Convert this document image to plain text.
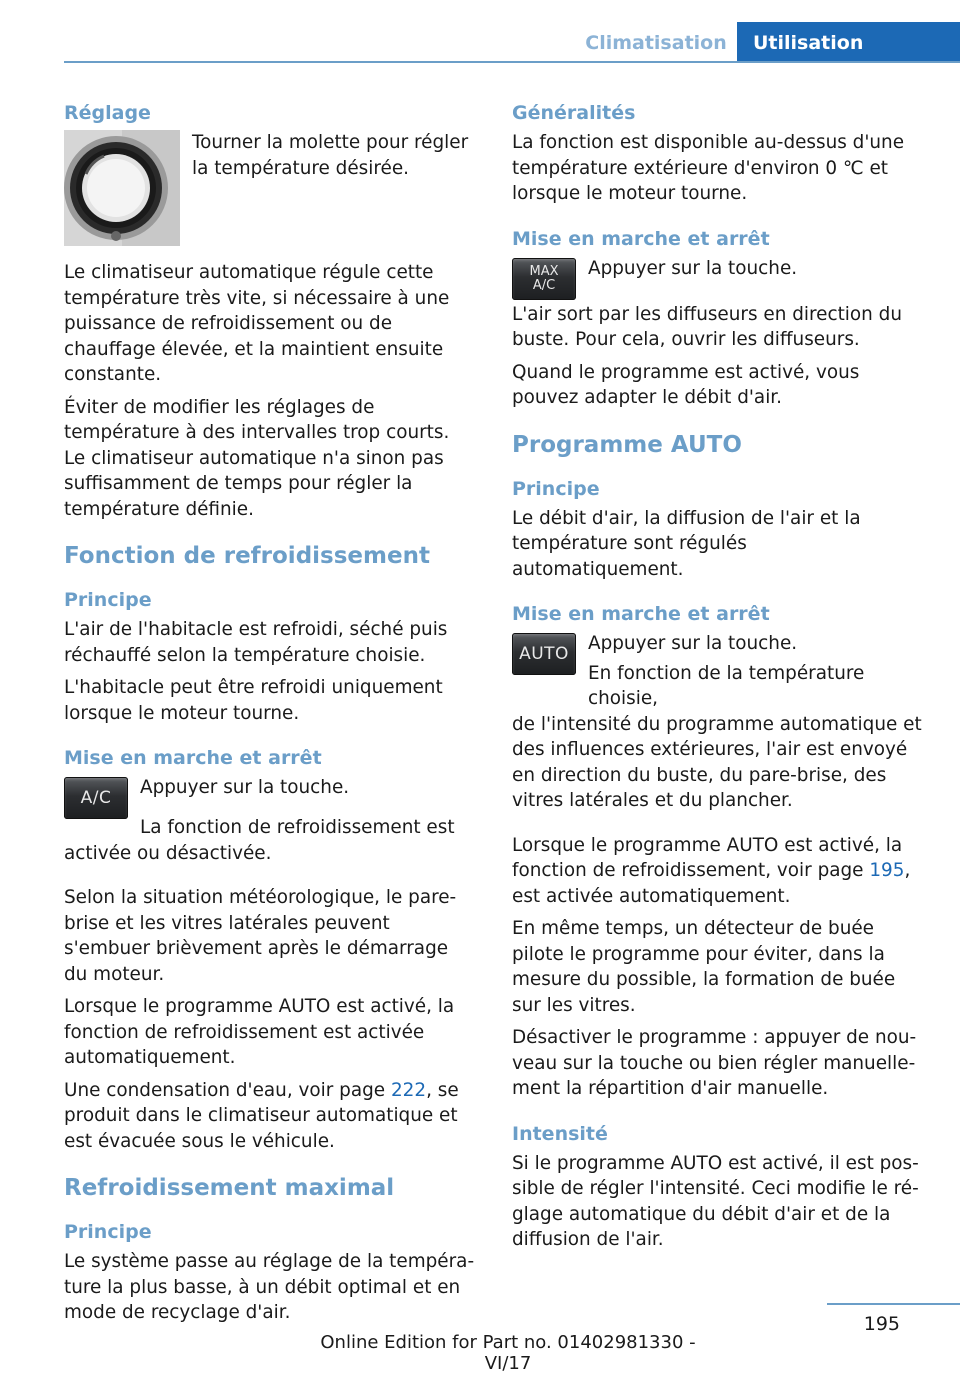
Climatisation	Utilisation
Réglage
Tourner la molette pour régler la température désirée.
Le climatiseur automatique régule cette température très vite, si nécessaire à une puissance de refroidissement ou de chauffage élevée, et la maintient ensuite constante.
Éviter de modifier les réglages de température à des intervalles trop courts. Le climatiseur automatique n'a sinon pas suffisamment de temps pour régler la température définie.
Fonction de refroidissement
Principe
L'air de l'habitacle est refroidi, séché puis réchauffé selon la température choisie.
L'habitacle peut être refroidi uniquement lorsque le moteur tourne.
Mise en marche et arrêt
A/C Appuyer sur la touche.
La fonction de refroidissement est activée ou désactivée.
Selon la situation météorologique, le pare-brise et les vitres latérales peuvent s'embuer brièvement après le démarrage du moteur.
Lorsque le programme AUTO est activé, la fonction de refroidissement est activée automatiquement.
Une condensation d'eau, voir page 222, se produit dans le climatiseur automatique et est évacuée sous le véhicule.
Refroidissement maximal
Principe
Le système passe au réglage de la température la plus basse, à un débit optimal et en mode de recyclage d'air.
Généralités
La fonction est disponible au-dessus d'une température extérieure d'environ 0 ℃ et lorsque le moteur tourne.
Mise en marche et arrêt
MAX
A/C
Appuyer sur la touche.
L'air sort par les diffuseurs en direction du buste. Pour cela, ouvrir les diffuseurs.
Quand le programme est activé, vous pouvez adapter le débit d'air.
Programme AUTO
Principe
Le débit d'air, la diffusion de l'air et la température sont régulés automatiquement.
Mise en marche et arrêt
AUTO Appuyer sur la touche.
En fonction de la température choisie,
de l'intensité du programme automatique et des influences extérieures, l'air est envoyé en direction du buste, du pare-brise, des vitres latérales et du plancher.
Lorsque le programme AUTO est activé, la fonction de refroidissement, voir page 195, est activée automatiquement.
En même temps, un détecteur de buée pilote le programme pour éviter, dans la mesure du possible, la formation de buée sur les vitres.
Désactiver le programme : appuyer de nouveau sur la touche ou bien régler manuellement la répartition d'air manuelle.
Intensité
Si le programme AUTO est activé, il est possible de régler l'intensité. Ceci modifie le réglage automatique du débit d'air et de la diffusion de l'air.
195
Online Edition for Part no. 01402981330 - VI/17
